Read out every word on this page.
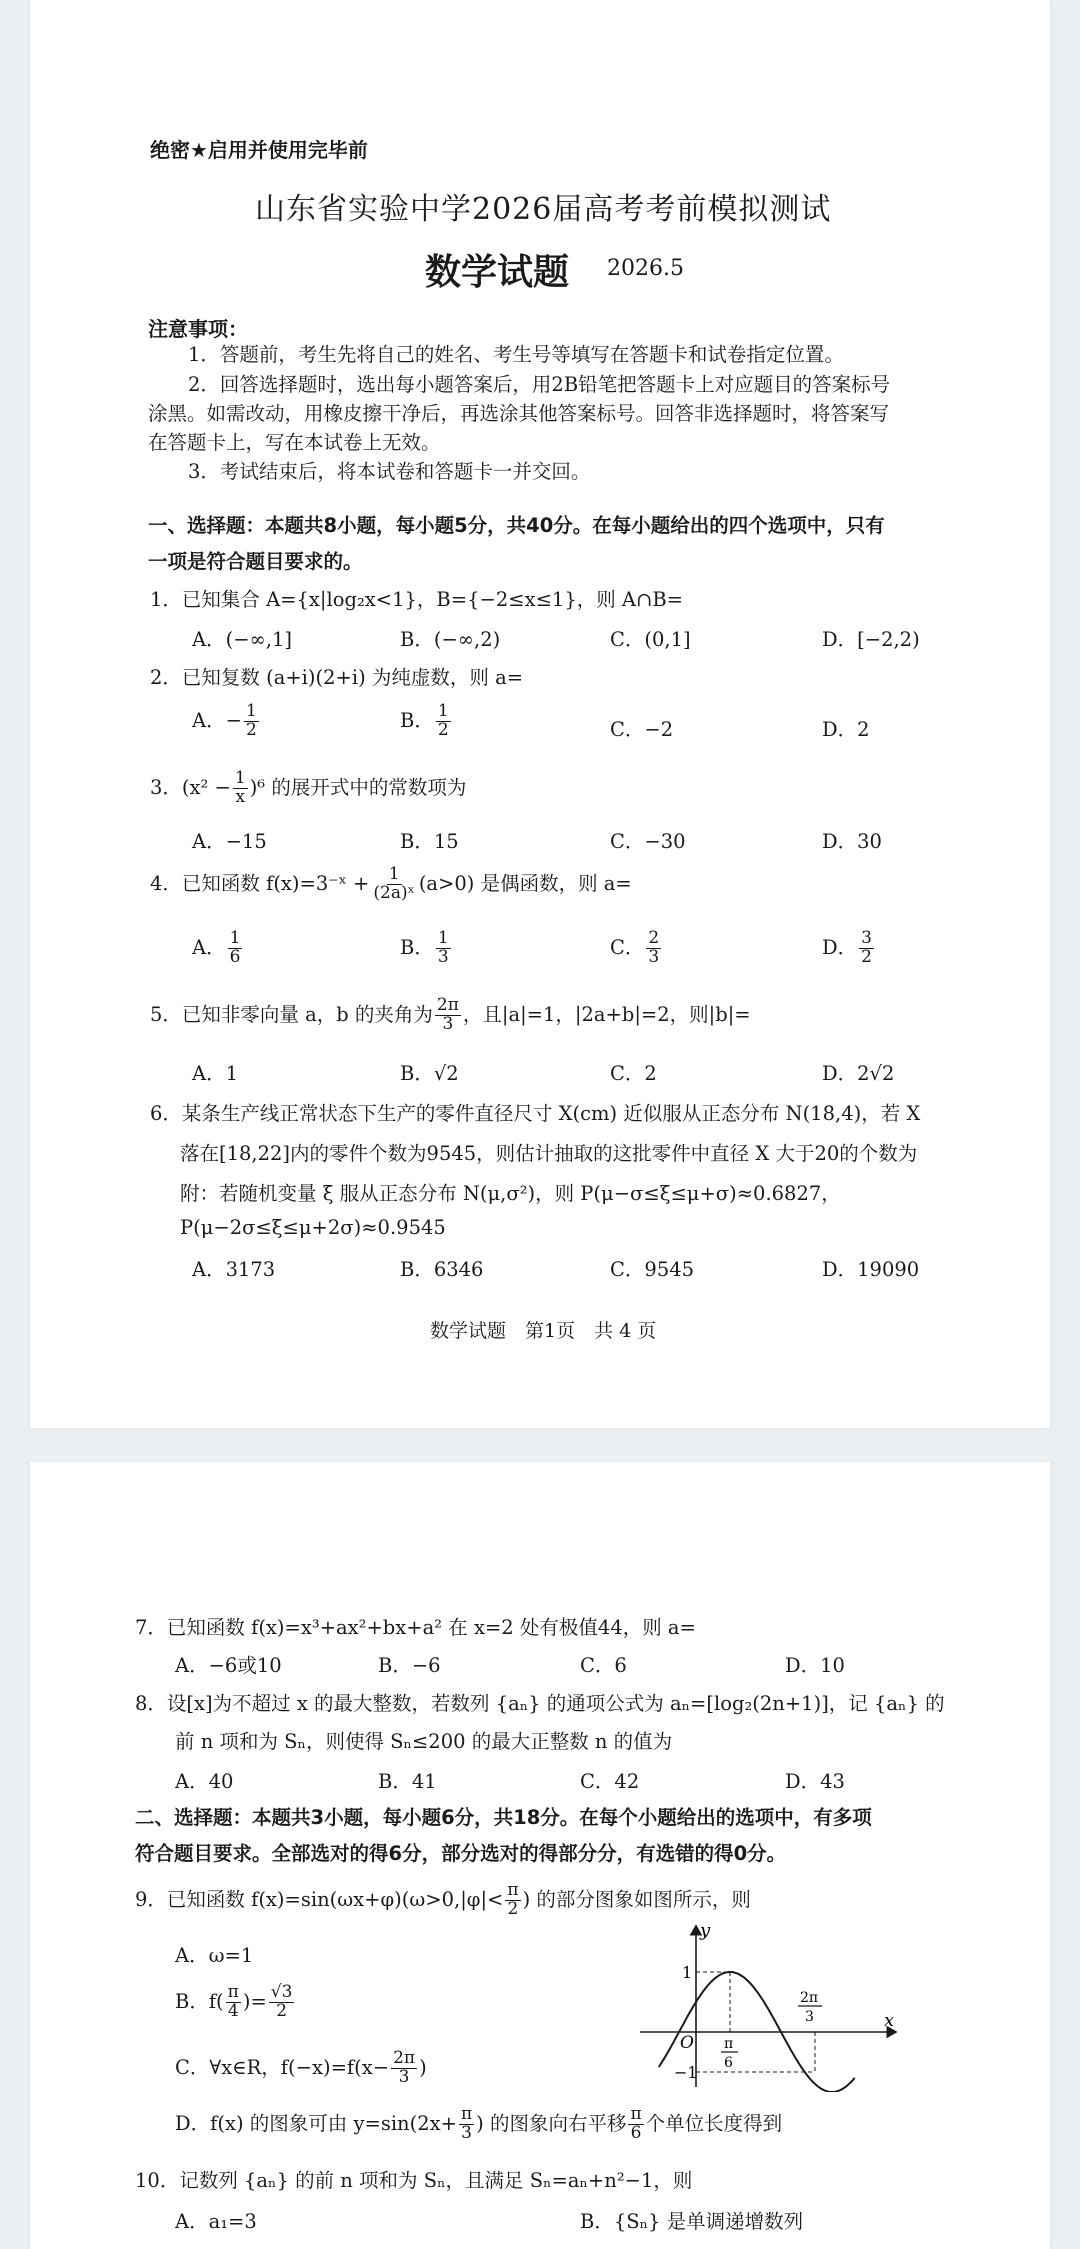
绝密★启用并使用完毕前
山东省实验中学2026届高考考前模拟测试
数学试题 2026.5
注意事项：
1．答题前，考生先将自己的姓名、考生号等填写在答题卡和试卷指定位置。
2．回答选择题时，选出每小题答案后，用2B铅笔把答题卡上对应题目的答案标号
涂黑。如需改动，用橡皮擦干净后，再选涂其他答案标号。回答非选择题时，将答案写
在答题卡上，写在本试卷上无效。
3．考试结束后，将本试卷和答题卡一并交回。
一、选择题：本题共8小题，每小题5分，共40分。在每小题给出的四个选项中，只有
一项是符合题目要求的。
1．已知集合 A={x|log₂x<1}，B={−2≤x≤1}，则 A∩B=
A．(−∞,1]	B．(−∞,2)	C．(0,1]	D．[−2,2)
2．已知复数 (a+i)(2+i) 为纯虚数，则 a=
A．− $\frac{1}{2}$	B． $\frac{1}{2}$	C．−2	D．2
3．$(x^2 - \frac{1}{x} )^6$ 的展开式中的常数项为
A．−15	B．15	C．−30	D．30
4．已知函数 f(x)=3⁻ˣ + $\frac{1}{\text{(2a)ˣ}} (a>0)$ 是偶函数，则 a=
A． $\frac{1}{6}$	B． $\frac{1}{3}$	C． $\frac{2}{3}$	D． $\frac{3}{2}$
5．已知非零向量 a，b 的夹角为 $\frac{2\pi}{3}$ ，且|a|=1，|2a+b|=2，则|b|=
A．1	B．√2	C．2	D．2√2
6．某条生产线正常状态下生产的零件直径尺寸 X(cm) 近似服从正态分布 N(18,4)，若 X
落在[18,22]内的零件个数为9545，则估计抽取的这批零件中直径 X 大于20的个数为
附：若随机变量 ξ 服从正态分布 N(μ,σ²)，则 P(μ−σ≤ξ≤μ+σ)≈0.6827，
P(μ−2σ≤ξ≤μ+2σ)≈0.9545
A．3173	B．6346	C．9545	D．19090
数学试题　第1页　共 4 页
7．已知函数 f(x)=x³+ax²+bx+a² 在 x=2 处有极值44，则 a=
A．−6或10	B．−6	C．6	D．10
8．设[x]为不超过 x 的最大整数，若数列 {aₙ} 的通项公式为 aₙ=[log₂(2n+1)]，记 {aₙ} 的
前 n 项和为 Sₙ，则使得 Sₙ≤200 的最大正整数 n 的值为
A．40	B．41	C．42	D．43
二、选择题：本题共3小题，每小题6分，共18分。在每个小题给出的选项中，有多项
符合题目要求。全部选对的得6分，部分选对的得部分分，有选错的得0分。
9．已知函数 $f(x)=\sin(\omega x+\varphi)(\omega>0,|\varphi|< \frac{\pi}{2}$ ) 的部分图象如图所示，则
A．ω=1
B．$f( \frac{\pi}{4}$ )= $\frac{√3}{2}$
C．∀x∈R，$f(-x)=f(x- \frac{2\pi}{3}$ )
D．f(x) 的图象可由 $y=\sin(2x+ \frac{\pi}{3}$ ) 的图象向右平移 $\frac{\pi}{6}$ 个单位长度得到
y
x
O
1
−1
π
6
2π
3
10．记数列 {aₙ} 的前 n 项和为 Sₙ，且满足 Sₙ=aₙ+n²−1，则
A．a₁=3	B．{Sₙ} 是单调递增数列
